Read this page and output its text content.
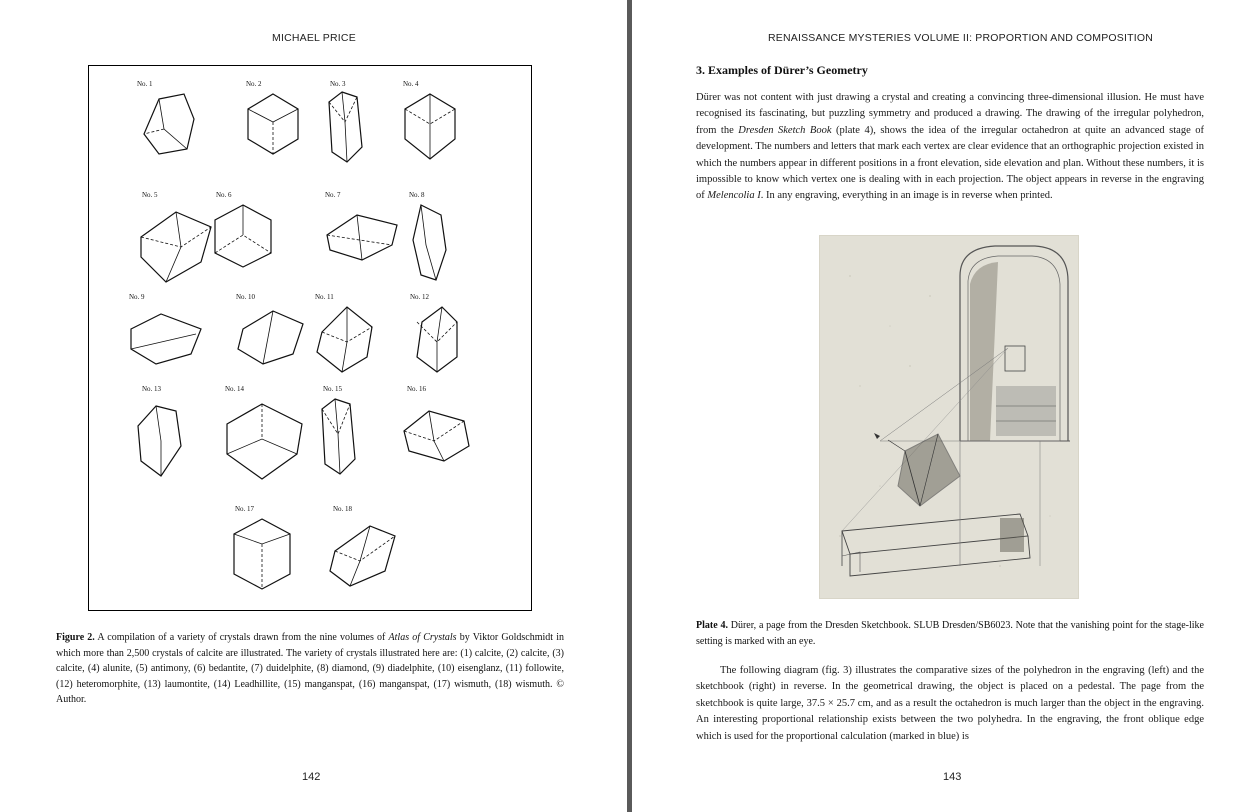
MICHAEL PRICE
No. 1	No. 2	No. 3	No. 4
No. 5	No. 6	No. 7	No. 8
No. 9	No. 10	No. 11	No. 12
No. 13	No. 14	No. 15	No. 16
No. 17	No. 18
Figure 2. A compilation of a variety of crystals drawn from the nine volumes of Atlas of Crystals by Viktor Goldschmidt in which more than 2,500 crystals of calcite are illustrated. The variety of crystals illustrated here are: (1) calcite, (2) calcite, (3) calcite, (4) alunite, (5) antimony, (6) bedantite, (7) duidelphite, (8) diamond, (9) diadelphite, (10) eisenglanz, (11) followite, (12) heteromorphite, (13) laumontite, (14) Leadhillite, (15) manganspat, (16) manganspat, (17) wismuth, (18) wismuth. © Author.
142
RENAISSANCE MYSTERIES VOLUME II: PROPORTION AND COMPOSITION
3. Examples of Dürer’s Geometry
Dürer was not content with just drawing a crystal and creating a convincing three-dimensional illusion. He must have recognised its fascinating, but puzzling symmetry and produced a drawing. The drawing of the irregular polyhedron, from the Dresden Sketch Book (plate 4), shows the idea of the irregular octahedron at quite an advanced stage of development. The numbers and letters that mark each vertex are clear evidence that an orthographic projection existed in which the numbers appear in different positions in a front elevation, side elevation and plan. Without these numbers, it is impossible to know which vertex one is dealing with in each projection. The object appears in reverse in the engraving of Melencolia I. In any engraving, everything in an image is in reverse when printed.
Plate 4. Dürer, a page from the Dresden Sketchbook. SLUB Dresden/SB6023. Note that the vanishing point for the stage-like setting is marked with an eye.
The following diagram (fig. 3) illustrates the comparative sizes of the polyhedron in the engraving (left) and the sketchbook (right) in reverse. In the geometrical drawing, the object is placed on a pedestal. The page from the sketchbook is quite large, 37.5 × 25.7 cm, and as a result the octahedron is much larger than the object in the engraving. An interesting proportional relationship exists between the two polyhedra. In the engraving, the front oblique edge which is used for the proportional calculation (marked in blue) is
143
